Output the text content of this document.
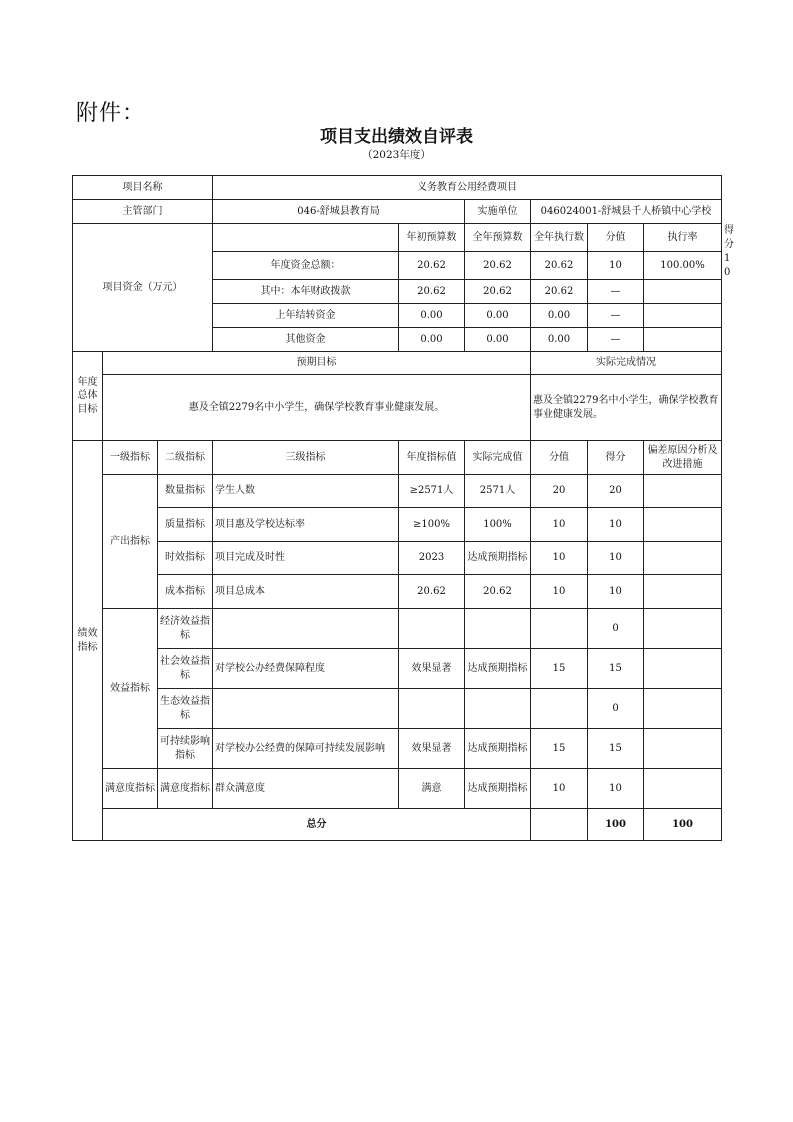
附件：
项目支出绩效自评表
（2023年度）
项目名称			义务教育公用经费项目						
主管部门			046-舒城县教育局		实施单位	046024001-舒城县千人桥镇中心学校			
项目资金（万元）				年初预算数	全年预算数	全年执行数	分值	执行率	得分
			年度资金总额：	20.62	20.62	20.62	10	100.00%	10
			其中：本年财政拨款	20.62	20.62	20.62	—		
			上年结转资金	0.00	0.00	0.00	—		
			其他资金	0.00	0.00	0.00	—		
年度总体目标	预期目标					实际完成情况			
	惠及全镇2279名中小学生，确保学校教育事业健康发展。					惠及全镇2279名中小学生，确保学校教育事业健康发展。			
绩效指标	一级指标	二级指标	三级指标	年度指标值	实际完成值	分值	得分	偏差原因分析及改进措施	
	产出指标	数量指标	学生人数	≥2571人	2571人	20	20		
		质量指标	项目惠及学校达标率	≥100%	100%	10	10		
		时效指标	项目完成及时性	2023	达成预期指标	10	10		
		成本指标	项目总成本	20.62	20.62	10	10		
	效益指标	经济效益指标					0		
		社会效益指标	对学校公办经费保障程度	效果显著	达成预期指标	15	15		
		生态效益指标					0		
		可持续影响指标	对学校办公经费的保障可持续发展影响	效果显著	达成预期指标	15	15		
	满意度指标	满意度指标	群众满意度	满意	达成预期指标	10	10		
	总分						100	100	
